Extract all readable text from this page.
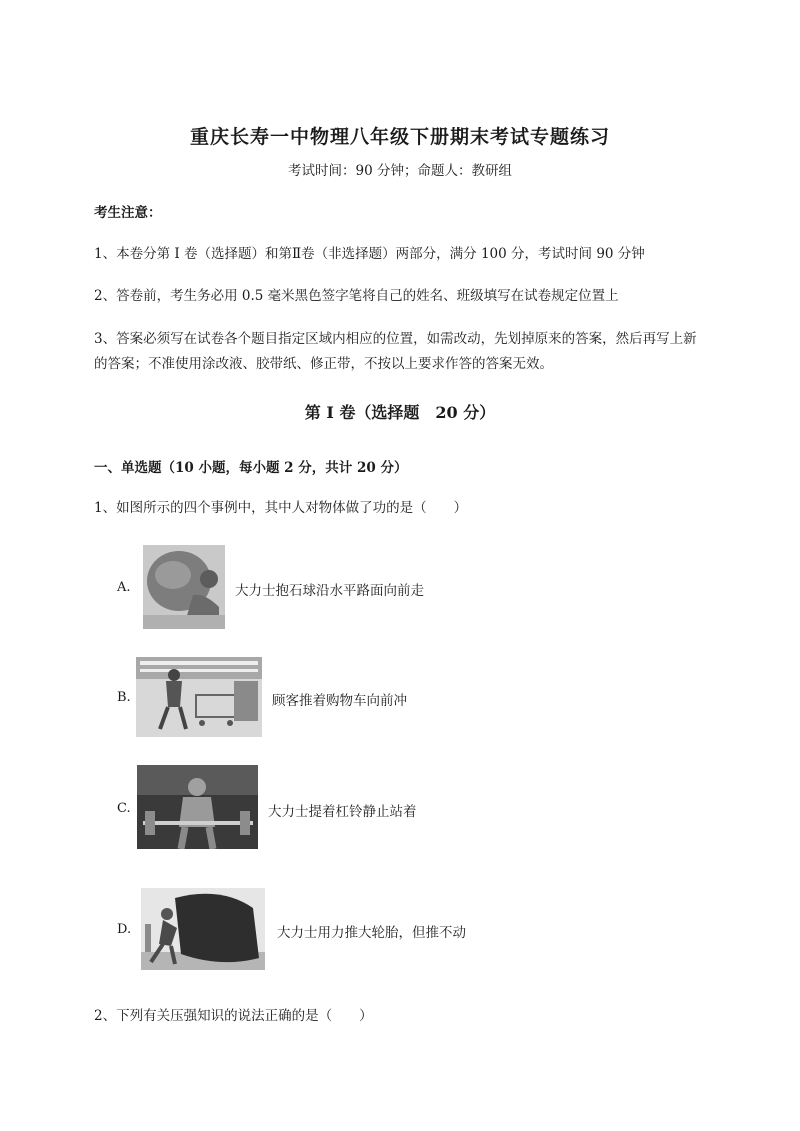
重庆长寿一中物理八年级下册期末考试专题练习
考试时间：90 分钟；命题人：教研组
考生注意：
1、本卷分第 I 卷（选择题）和第Ⅱ卷（非选择题）两部分，满分 100 分，考试时间 90 分钟
2、答卷前，考生务必用 0.5 毫米黑色签字笔将自己的姓名、班级填写在试卷规定位置上
3、答案必须写在试卷各个题目指定区域内相应的位置，如需改动，先划掉原来的答案，然后再写上新
的答案；不准使用涂改液、胶带纸、修正带，不按以上要求作答的答案无效。
第 I 卷（选择题　20 分）
一、单选题（10 小题，每小题 2 分，共计 20 分）
1、如图所示的四个事例中，其中人对物体做了功的是（　　）
A.	大力士抱石球沿水平路面向前走
B.	顾客推着购物车向前冲
C.	大力士提着杠铃静止站着
D.	大力士用力推大轮胎，但推不动
2、下列有关压强知识的说法正确的是（　　）
